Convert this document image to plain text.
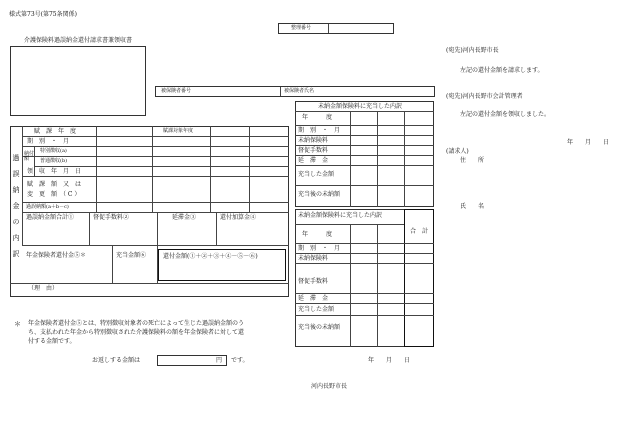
様式第73号(第75条関係)
整理番号
介護保険料過誤納金還付請求書兼領収書
被保険者番号	被保険者氏名
過
誤
納
金
の
内
訳
賦　課　年　度	賦課対象年度
期　別　・　月
納付額
特別徴収(a)
普通徴収(b)
領　収　年　月　日
賦　課　額　又　は
変　更　額　（ C ）
過誤納額(a＋b－c)
過誤納金額合計①	督促手数料②	延滞金③	還付加算金④
年金保険者還付金⑤＊	充当金額⑥	還付金額(①＋②＋③＋④－⑤－⑥)
（理　由）
未納金額保険料に充当した内訳
年　　　度
期　別　・　月
未納保険料
督促手数料
延　滞　金
充当した金額
充当後の未納額
未納金額保険料に充当した内訳
合　計
年　　　度
期　別　・　月
未納保険料
督促手数料
延　滞　金
充当した金額
充当後の未納額
＊ 年金保険者還付金⑤とは、特別徴収対象者の死亡によって生じた過誤納金額のう
ち、支払われた年金から特別徴収された介護保険料の額を年金保険者に対して還
付する金額です。
お返しする金額は	円 です。	年　　月　　日
河内長野市長
(宛先)河内長野市長
左記の還付金額を請求します。
(宛先)河内長野市会計管理者
左記の還付金額を領収しました。
年　　月　　日
(請求人)
住　　所
氏　　名
